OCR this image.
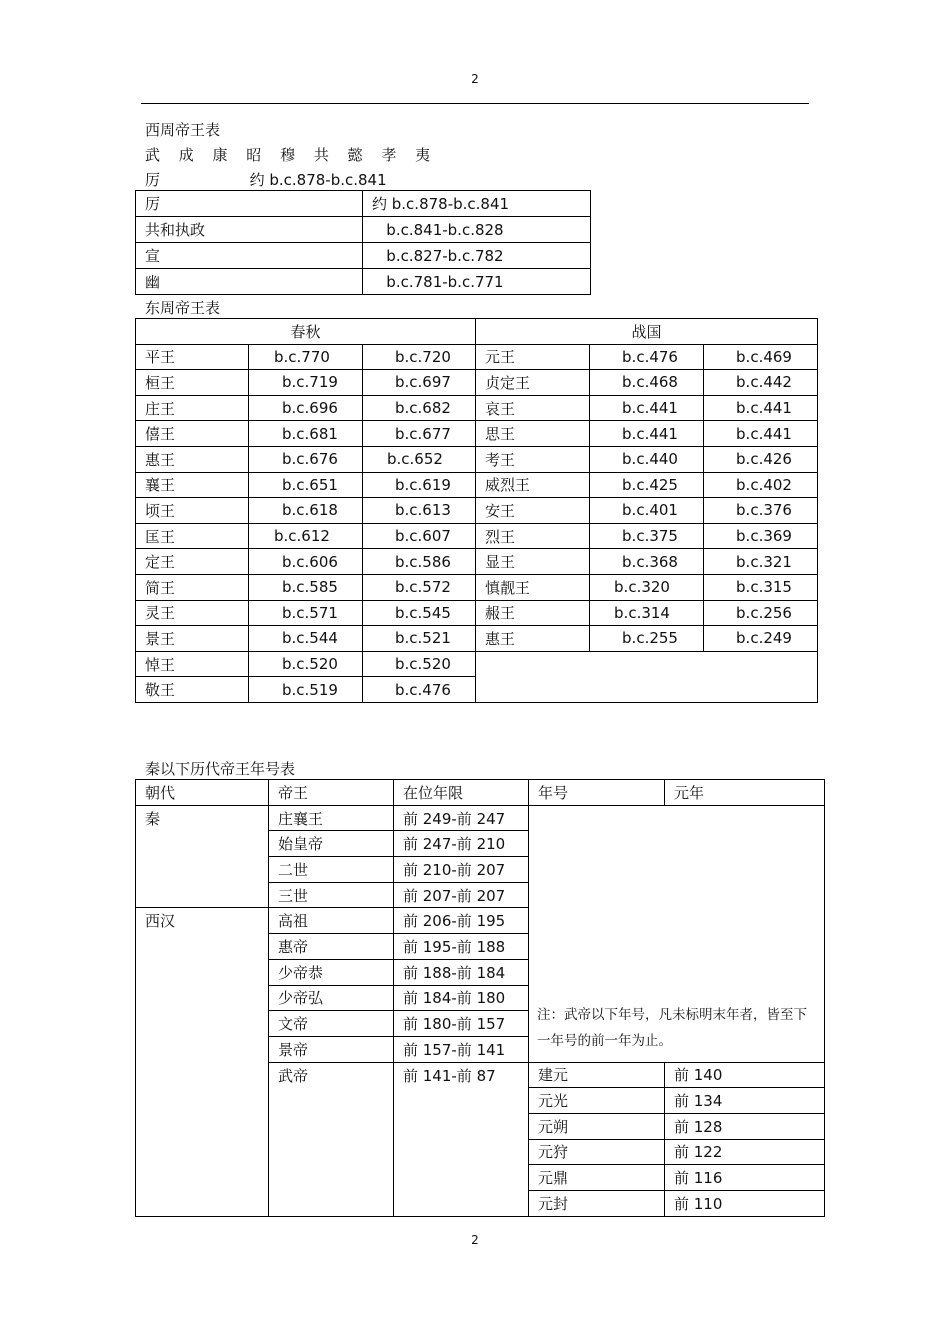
2
西周帝王表
武 成 康 昭 穆 共 懿 孝 夷
厉	约 b.c.878-b.c.841
厉	约 b.c.878-b.c.841
共和执政	b.c.841-b.c.828
宣	b.c.827-b.c.782
幽	b.c.781-b.c.771
东周帝王表
春秋			战国		
平王	b.c.770	b.c.720	元王	b.c.476	b.c.469
桓王	b.c.719	b.c.697	贞定王	b.c.468	b.c.442
庄王	b.c.696	b.c.682	哀王	b.c.441	b.c.441
僖王	b.c.681	b.c.677	思王	b.c.441	b.c.441
惠王	b.c.676	b.c.652	考王	b.c.440	b.c.426
襄王	b.c.651	b.c.619	威烈王	b.c.425	b.c.402
顷王	b.c.618	b.c.613	安王	b.c.401	b.c.376
匡王	b.c.612	b.c.607	烈王	b.c.375	b.c.369
定王	b.c.606	b.c.586	显王	b.c.368	b.c.321
简王	b.c.585	b.c.572	慎靓王	b.c.320	b.c.315
灵王	b.c.571	b.c.545	赧王	b.c.314	b.c.256
景王	b.c.544	b.c.521	惠王	b.c.255	b.c.249
悼王	b.c.520	b.c.520			
敬王	b.c.519	b.c.476			
秦以下历代帝王年号表
朝代	帝王	在位年限	年号	元年
秦	庄襄王	前 249-前 247	注：武帝以下年号，凡未标明末年者，皆至下一年号的前一年为止。	
	始皇帝	前 247-前 210		
	二世	前 210-前 207		
	三世	前 207-前 207		
西汉	高祖	前 206-前 195		
	惠帝	前 195-前 188		
	少帝恭	前 188-前 184		
	少帝弘	前 184-前 180		
	文帝	前 180-前 157		
	景帝	前 157-前 141		
	武帝	前 141-前 87	建元	前 140
			元光	前 134
			元朔	前 128
			元狩	前 122
			元鼎	前 116
			元封	前 110
2
